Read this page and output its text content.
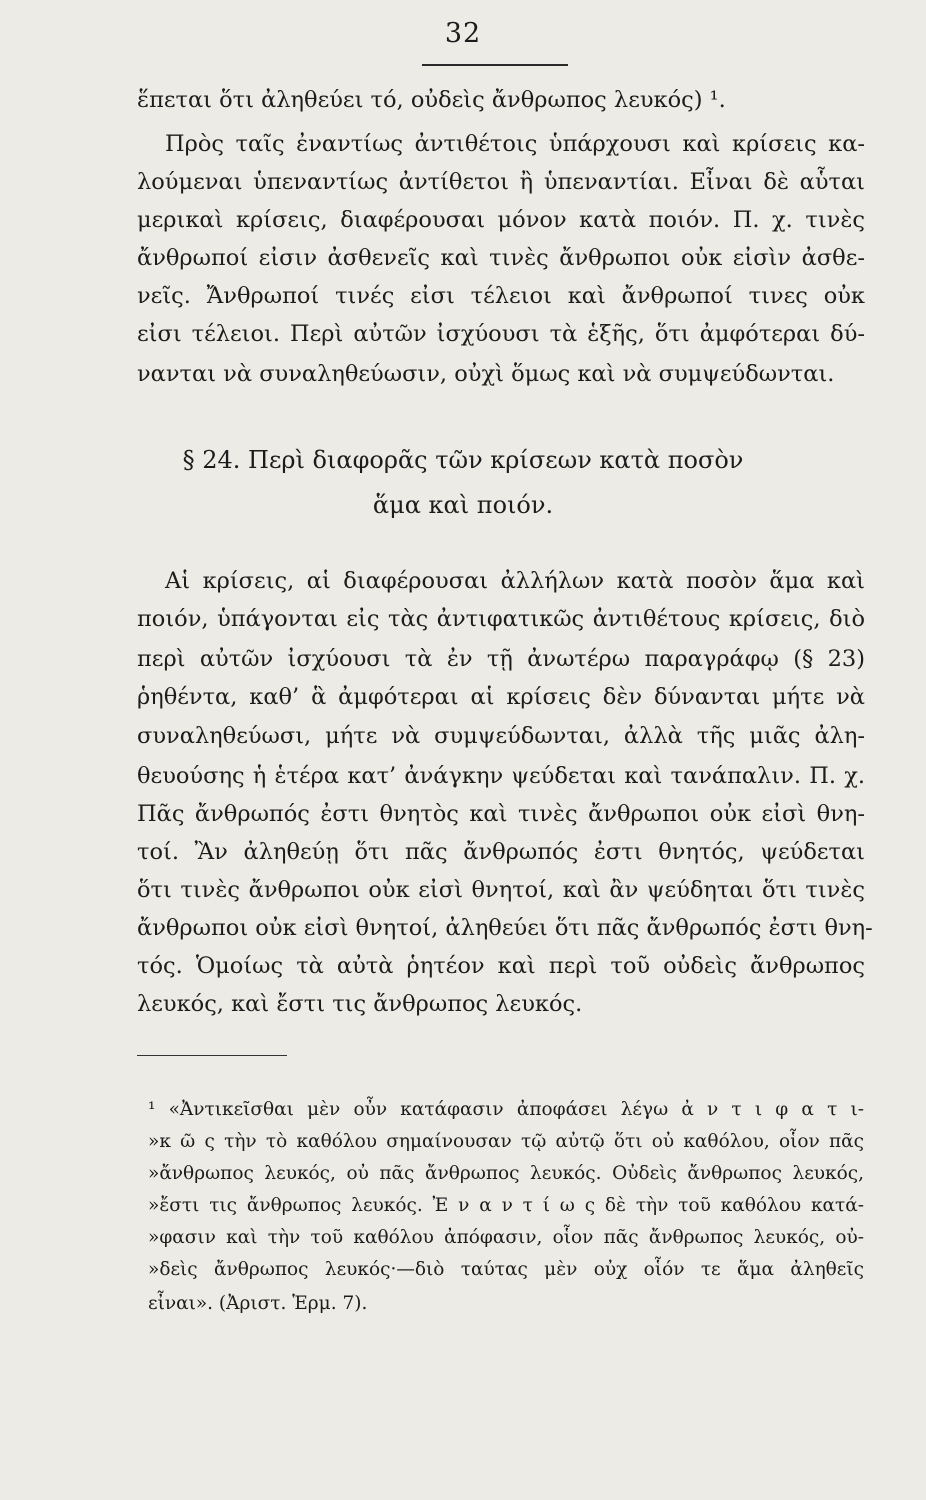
32
ἕπεται ὅτι ἀληθεύει τό, οὐδεὶς ἄνθρωπος λευκός) ¹.
Πρὸς ταῖς ἐναντίως ἀντιθέτοις ὑπάρχουσι καὶ κρίσεις κα-
λούμεναι ὑπεναντίως ἀντίθετοι ἢ ὑπεναντίαι. Εἶναι δὲ αὗται
μερικαὶ κρίσεις, διαφέρουσαι μόνον κατὰ ποιόν. Π. χ. τινὲς
ἄνθρωποί εἰσιν ἀσθενεῖς καὶ τινὲς ἄνθρωποι οὐκ εἰσὶν ἀσθε-
νεῖς. Ἄνθρωποί τινές εἰσι τέλειοι καὶ ἄνθρωποί τινες οὐκ
εἰσι τέλειοι. Περὶ αὐτῶν ἰσχύουσι τὰ ἑξῆς, ὅτι ἀμφότεραι δύ-
νανται νὰ συναληθεύωσιν, οὐχὶ ὅμως καὶ νὰ συμψεύδωνται.
§ 24. Περὶ διαφορᾶς τῶν κρίσεων κατὰ ποσὸν
ἅμα καὶ ποιόν.
Αἱ κρίσεις, αἱ διαφέρουσαι ἀλλήλων κατὰ ποσὸν ἅμα καὶ
ποιόν, ὑπάγονται εἰς τὰς ἀντιφατικῶς ἀντιθέτους κρίσεις, διὸ
περὶ αὐτῶν ἰσχύουσι τὰ ἐν τῇ ἀνωτέρω παραγράφῳ (§ 23)
ῥηθέντα, καθ’ ἃ ἀμφότεραι αἱ κρίσεις δὲν δύνανται μήτε νὰ
συναληθεύωσι, μήτε νὰ συμψεύδωνται, ἀλλὰ τῆς μιᾶς ἀλη-
θευούσης ἡ ἑτέρα κατ’ ἀνάγκην ψεύδεται καὶ τανάπαλιν. Π. χ.
Πᾶς ἄνθρωπός ἐστι θνητὸς καὶ τινὲς ἄνθρωποι οὐκ εἰσὶ θνη-
τοί. Ἂν ἀληθεύῃ ὅτι πᾶς ἄνθρωπός ἐστι θνητός, ψεύδεται
ὅτι τινὲς ἄνθρωποι οὐκ εἰσὶ θνητοί, καὶ ἂν ψεύδηται ὅτι τινὲς
ἄνθρωποι οὐκ εἰσὶ θνητοί, ἀληθεύει ὅτι πᾶς ἄνθρωπός ἐστι θνη-
τός. Ὁμοίως τὰ αὐτὰ ῥητέον καὶ περὶ τοῦ οὐδεὶς ἄνθρωπος
λευκός, καὶ ἔστι τις ἄνθρωπος λευκός.
¹ «Ἀντικεῖσθαι μὲν οὖν κατάφασιν ἀποφάσει λέγω ἀ ν τ ι φ α τ ι-
»κ ῶ ς τὴν τὸ καθόλου σημαίνουσαν τῷ αὐτῷ ὅτι οὐ καθόλου, οἷον πᾶς
»ἄνθρωπος λευκός, οὐ πᾶς ἄνθρωπος λευκός. Οὐδεὶς ἄνθρωπος λευκός,
»ἔστι τις ἄνθρωπος λευκός. Ἐ ν α ν τ ί ω ς δὲ τὴν τοῦ καθόλου κατά-
»φασιν καὶ τὴν τοῦ καθόλου ἀπόφασιν, οἷον πᾶς ἄνθρωπος λευκός, οὐ-
»δεὶς ἄνθρωπος λευκός·—διὸ ταύτας μὲν οὐχ οἷόν τε ἅμα ἀληθεῖς
εἶναι». (Ἀριστ. Ἑρμ. 7).
